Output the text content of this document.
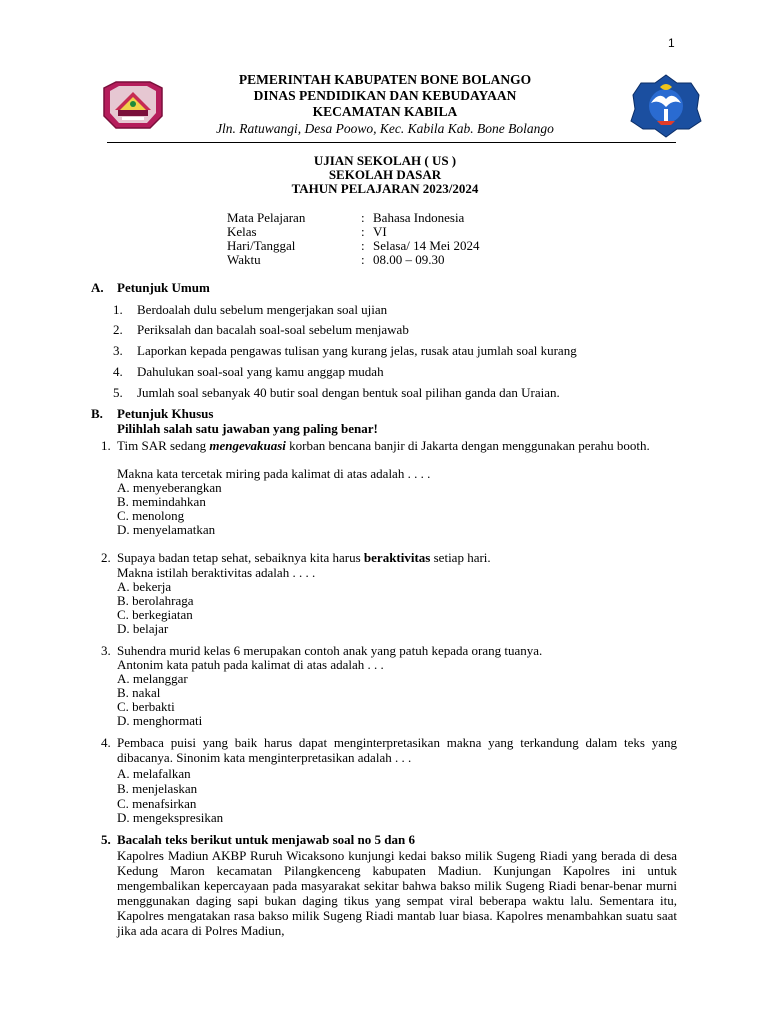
1
PEMERINTAH KABUPATEN BONE BOLANGO
DINAS PENDIDIKAN DAN KEBUDAYAAN
KECAMATAN KABILA
Jln. Ratuwangi, Desa Poowo, Kec. Kabila Kab. Bone Bolango
UJIAN SEKOLAH ( US )
SEKOLAH DASAR
TAHUN PELAJARAN 2023/2024
Mata Pelajaran	: Bahasa Indonesia
Kelas	: VI
Hari/Tanggal	: Selasa/ 14 Mei 2024
Waktu	: 08.00 – 09.30
A. Petunjuk Umum
1. Berdoalah dulu sebelum mengerjakan soal ujian
2. Periksalah dan bacalah soal-soal sebelum menjawab
3. Laporkan kepada pengawas tulisan yang kurang jelas, rusak atau jumlah soal kurang
4. Dahulukan soal-soal yang kamu anggap mudah
5. Jumlah soal sebanyak 40 butir soal dengan bentuk soal pilihan ganda dan Uraian.
B. Petunjuk Khusus
Pilihlah salah satu jawaban yang paling benar!
1. Tim SAR sedang mengevakuasi korban bencana banjir di Jakarta dengan menggunakan perahu booth.
Makna kata tercetak miring pada kalimat di atas adalah . . . .
A. menyeberangkan
B. memindahkan
C. menolong
D. menyelamatkan
2. Supaya badan tetap sehat, sebaiknya kita harus beraktivitas setiap hari.
Makna istilah beraktivitas adalah . . . .
A. bekerja
B. berolahraga
C. berkegiatan
D. belajar
3. Suhendra murid kelas 6 merupakan contoh anak yang patuh kepada orang tuanya.
Antonim kata patuh pada kalimat di atas adalah . . .
A. melanggar
B. nakal
C. berbakti
D. menghormati
4. Pembaca puisi yang baik harus dapat menginterpretasikan makna yang terkandung dalam teks yang dibacanya. Sinonim kata menginterpretasikan adalah . . .
A. melafalkan
B. menjelaskan
C. menafsirkan
D. mengekspresikan
5. Bacalah teks berikut untuk menjawab soal no 5 dan 6
Kapolres Madiun AKBP Ruruh Wicaksono kunjungi kedai bakso milik Sugeng Riadi yang berada di desa Kedung Maron kecamatan Pilangkenceng kabupaten Madiun. Kunjungan Kapolres ini untuk mengembalikan kepercayaan pada masyarakat sekitar bahwa bakso milik Sugeng Riadi benar-benar murni menggunakan daging sapi bukan daging tikus yang sempat viral beberapa waktu lalu. Sementara itu, Kapolres mengatakan rasa bakso milik Sugeng Riadi mantab luar biasa. Kapolres menambahkan suatu saat jika ada acara di Polres Madiun,
